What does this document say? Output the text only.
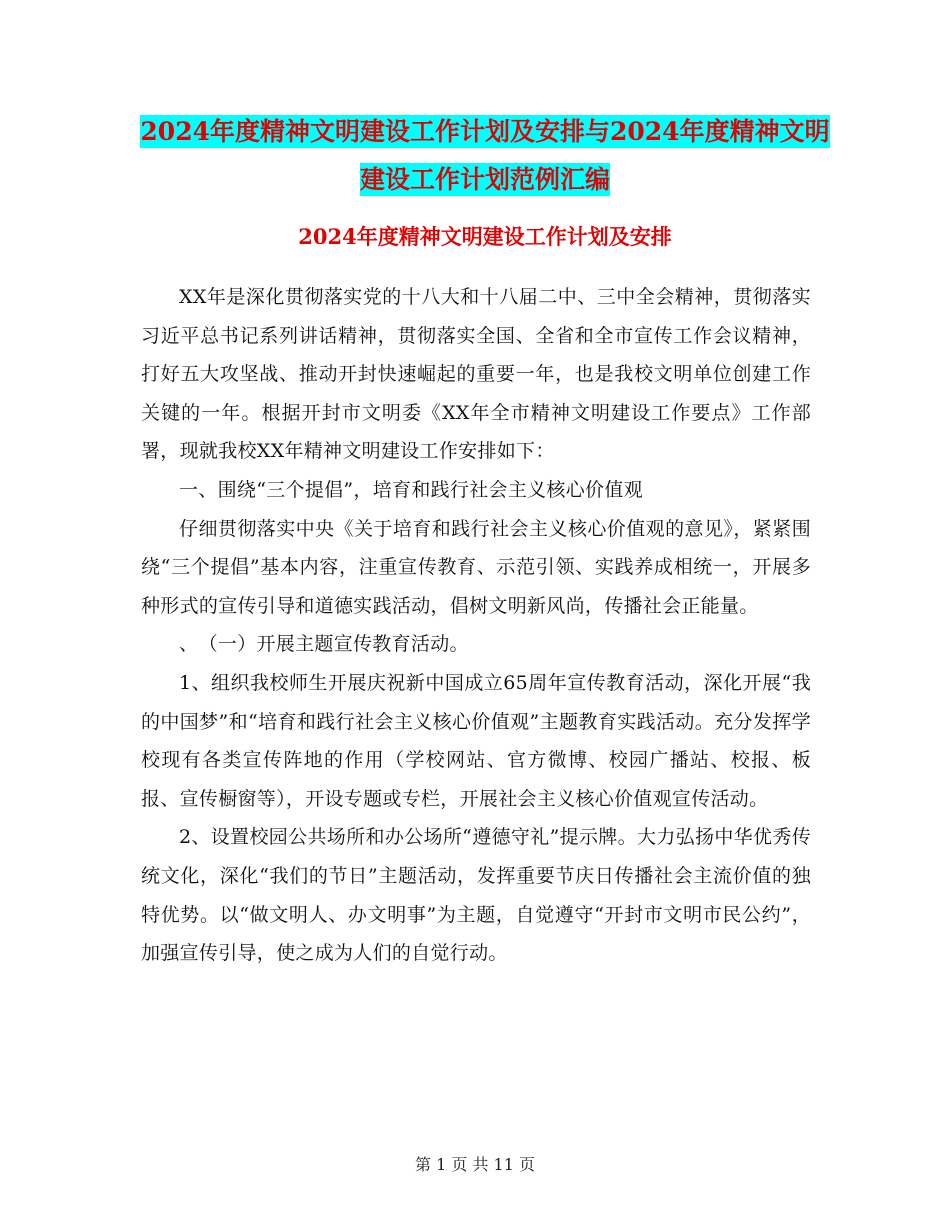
2024年度精神文明建设工作计划及安排与2024年度精神文明建设工作计划范例汇编
2024年度精神文明建设工作计划及安排

XX年是深化贯彻落实党的十八大和十八届二中、三中全会精神，贯彻落实习近平总书记系列讲话精神，贯彻落实全国、全省和全市宣传工作会议精神，打好五大攻坚战、推动开封快速崛起的重要一年，也是我校文明单位创建工作关键的一年。根据开封市文明委《XX年全市精神文明建设工作要点》工作部署，现就我校XX年精神文明建设工作安排如下：

一、围绕“三个提倡”，培育和践行社会主义核心价值观

仔细贯彻落实中央《关于培育和践行社会主义核心价值观的意见》，紧紧围绕“三个提倡”基本内容，注重宣传教育、示范引领、实践养成相统一，开展多种形式的宣传引导和道德实践活动，倡树文明新风尚，传播社会正能量。

、　（一）开展主题宣传教育活动。

1、组织我校师生开展庆祝新中国成立65周年宣传教育活动，深化开展“我的中国梦”和“培育和践行社会主义核心价值观”主题教育实践活动。充分发挥学校现有各类宣传阵地的作用（学校网站、官方微博、校园广播站、校报、板报、宣传橱窗等），开设专题或专栏，开展社会主义核心价值观宣传活动。

2、设置校园公共场所和办公场所“遵德守礼”提示牌。大力弘扬中华优秀传统文化，深化“我们的节日”主题活动，发挥重要节庆日传播社会主流价值的独特优势。以“做文明人、办文明事”为主题，自觉遵守“开封市文明市民公约”，加强宣传引导，使之成为人们的自觉行动。

第 1 页 共 11 页
